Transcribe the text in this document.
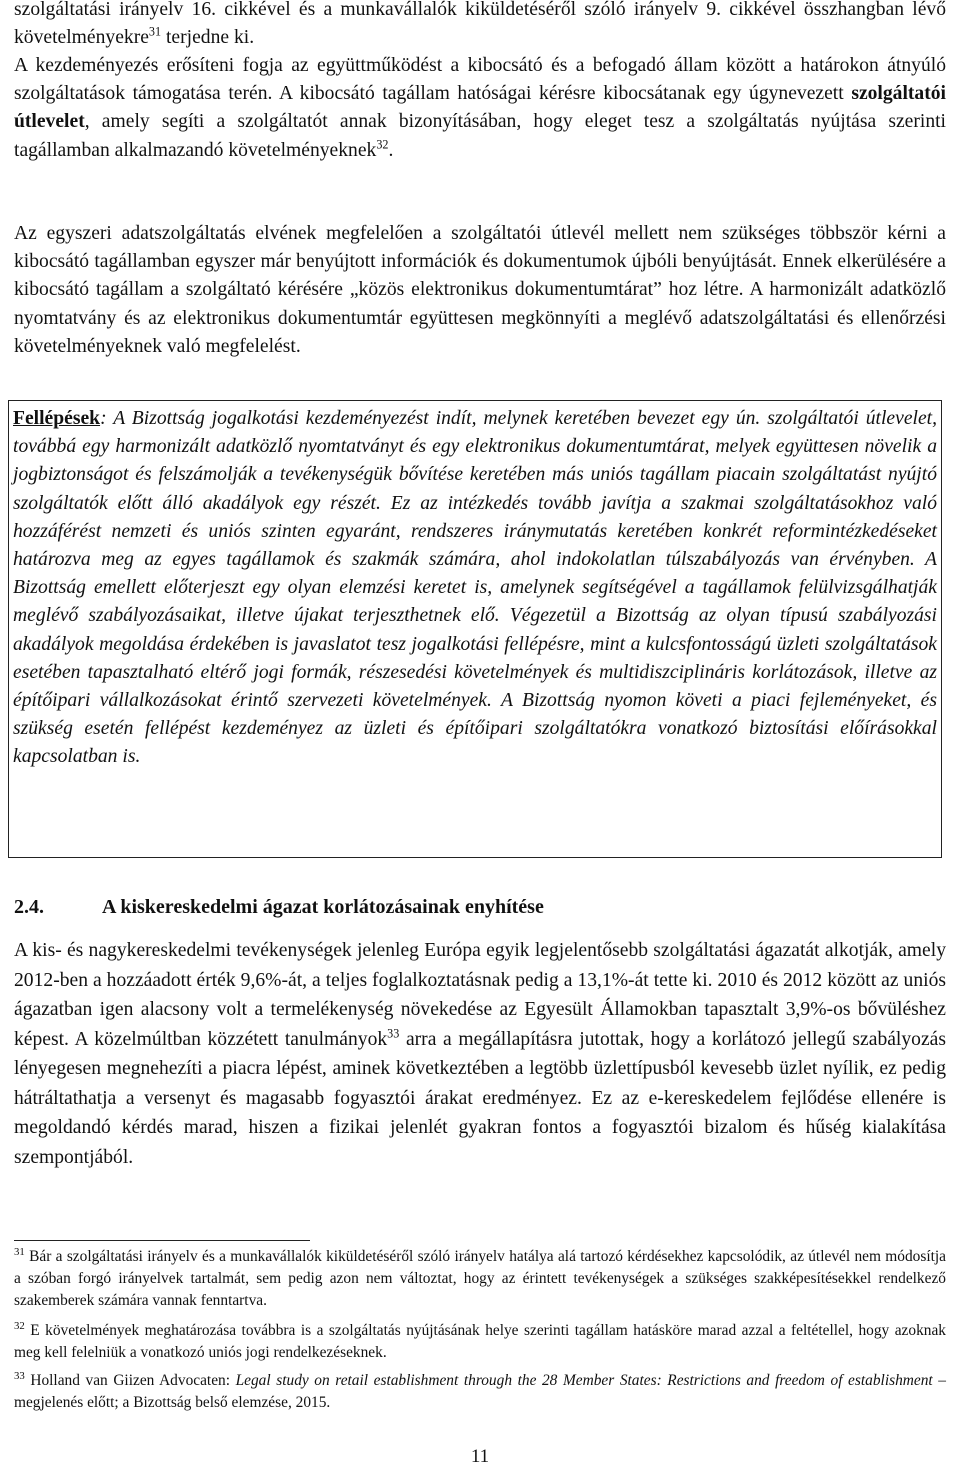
szolgáltatási irányelv 16. cikkével és a munkavállalók kiküldetéséről szóló irányelv 9. cikkével összhangban lévő követelményekre$^{31}$ terjedne ki.

A kezdeményezés erősíteni fogja az együttműködést a kibocsátó és a befogadó állam között a határokon átnyúló szolgáltatások támogatása terén. A kibocsátó tagállam hatóságai kérésre kibocsátanak egy úgynevezett szolgáltatói útlevelet, amely segíti a szolgáltatót annak bizonyításában, hogy eleget tesz a szolgáltatás nyújtása szerinti tagállamban alkalmazandó követelményeknek$^{32}$.

Az egyszeri adatszolgáltatás elvének megfelelően a szolgáltatói útlevél mellett nem szükséges többször kérni a kibocsátó tagállamban egyszer már benyújtott információk és dokumentumok újbóli benyújtását. Ennek elkerülésére a kibocsátó tagállam a szolgáltató kérésére „közös elektronikus dokumentumtárat” hoz létre. A harmonizált adatközlő nyomtatvány és az elektronikus dokumentumtár együttesen megkönnyíti a meglévő adatszolgáltatási és ellenőrzési követelményeknek való megfelelést.

Fellépések: A Bizottság jogalkotási kezdeményezést indít, melynek keretében bevezet egy ún. szolgáltatói útlevelet, továbbá egy harmonizált adatközlő nyomtatványt és egy elektronikus dokumentumtárat, melyek együttesen növelik a jogbiztonságot és felszámolják a tevékenységük bővítése keretében más uniós tagállam piacain szolgáltatást nyújtó szolgáltatók előtt álló akadályok egy részét. Ez az intézkedés tovább javítja a szakmai szolgáltatásokhoz való hozzáférést nemzeti és uniós szinten egyaránt, rendszeres iránymutatás keretében konkrét reformintézkedéseket határozva meg az egyes tagállamok és szakmák számára, ahol indokolatlan túlszabályozás van érvényben. A Bizottság emellett előterjeszt egy olyan elemzési keretet is, amelynek segítségével a tagállamok felülvizsgálhatják meglévő szabályozásaikat, illetve újakat terjeszthetnek elő. Végezetül a Bizottság az olyan típusú szabályozási akadályok megoldása érdekében is javaslatot tesz jogalkotási fellépésre, mint a kulcsfontosságú üzleti szolgáltatások esetében tapasztalható eltérő jogi formák, részesedési követelmények és multidiszciplináris korlátozások, illetve az építőipari vállalkozásokat érintő szervezeti követelmények. A Bizottság nyomon követi a piaci fejleményeket, és szükség esetén fellépést kezdeményez az üzleti és építőipari szolgáltatókra vonatkozó biztosítási előírásokkal kapcsolatban is.

2.4.	A kiskereskedelmi ágazat korlátozásainak enyhítése

A kis- és nagykereskedelmi tevékenységek jelenleg Európa egyik legjelentősebb szolgáltatási ágazatát alkotják, amely 2012-ben a hozzáadott érték 9,6%-át, a teljes foglalkoztatásnak pedig a 13,1%-át tette ki. 2010 és 2012 között az uniós ágazatban igen alacsony volt a termelékenység növekedése az Egyesült Államokban tapasztalt 3,9%-os bővüléshez képest. A közelmúltban közzétett tanulmányok$^{33}$ arra a megállapításra jutottak, hogy a korlátozó jellegű szabályozás lényegesen megnehezíti a piacra lépést, aminek következtében a legtöbb üzlettípusból kevesebb üzlet nyílik, ez pedig hátráltathatja a versenyt és magasabb fogyasztói árakat eredményez. Ez az e-kereskedelem fejlődése ellenére is megoldandó kérdés marad, hiszen a fizikai jelenlét gyakran fontos a fogyasztói bizalom és hűség kialakítása szempontjából.

$^{31}$ Bár a szolgáltatási irányelv és a munkavállalók kiküldetéséről szóló irányelv hatálya alá tartozó kérdésekhez kapcsolódik, az útlevél nem módosítja a szóban forgó irányelvek tartalmát, sem pedig azon nem változtat, hogy az érintett tevékenységek a szükséges szakképesítésekkel rendelkező szakemberek számára vannak fenntartva.

$^{32}$ E követelmények meghatározása továbbra is a szolgáltatás nyújtásának helye szerinti tagállam hatásköre marad azzal a feltétellel, hogy azoknak meg kell felelniük a vonatkozó uniós jogi rendelkezéseknek.

$^{33}$ Holland van Giizen Advocaten: Legal study on retail establishment through the 28 Member States: Restrictions and freedom of establishment – megjelenés előtt; a Bizottság belső elemzése, 2015.

11
